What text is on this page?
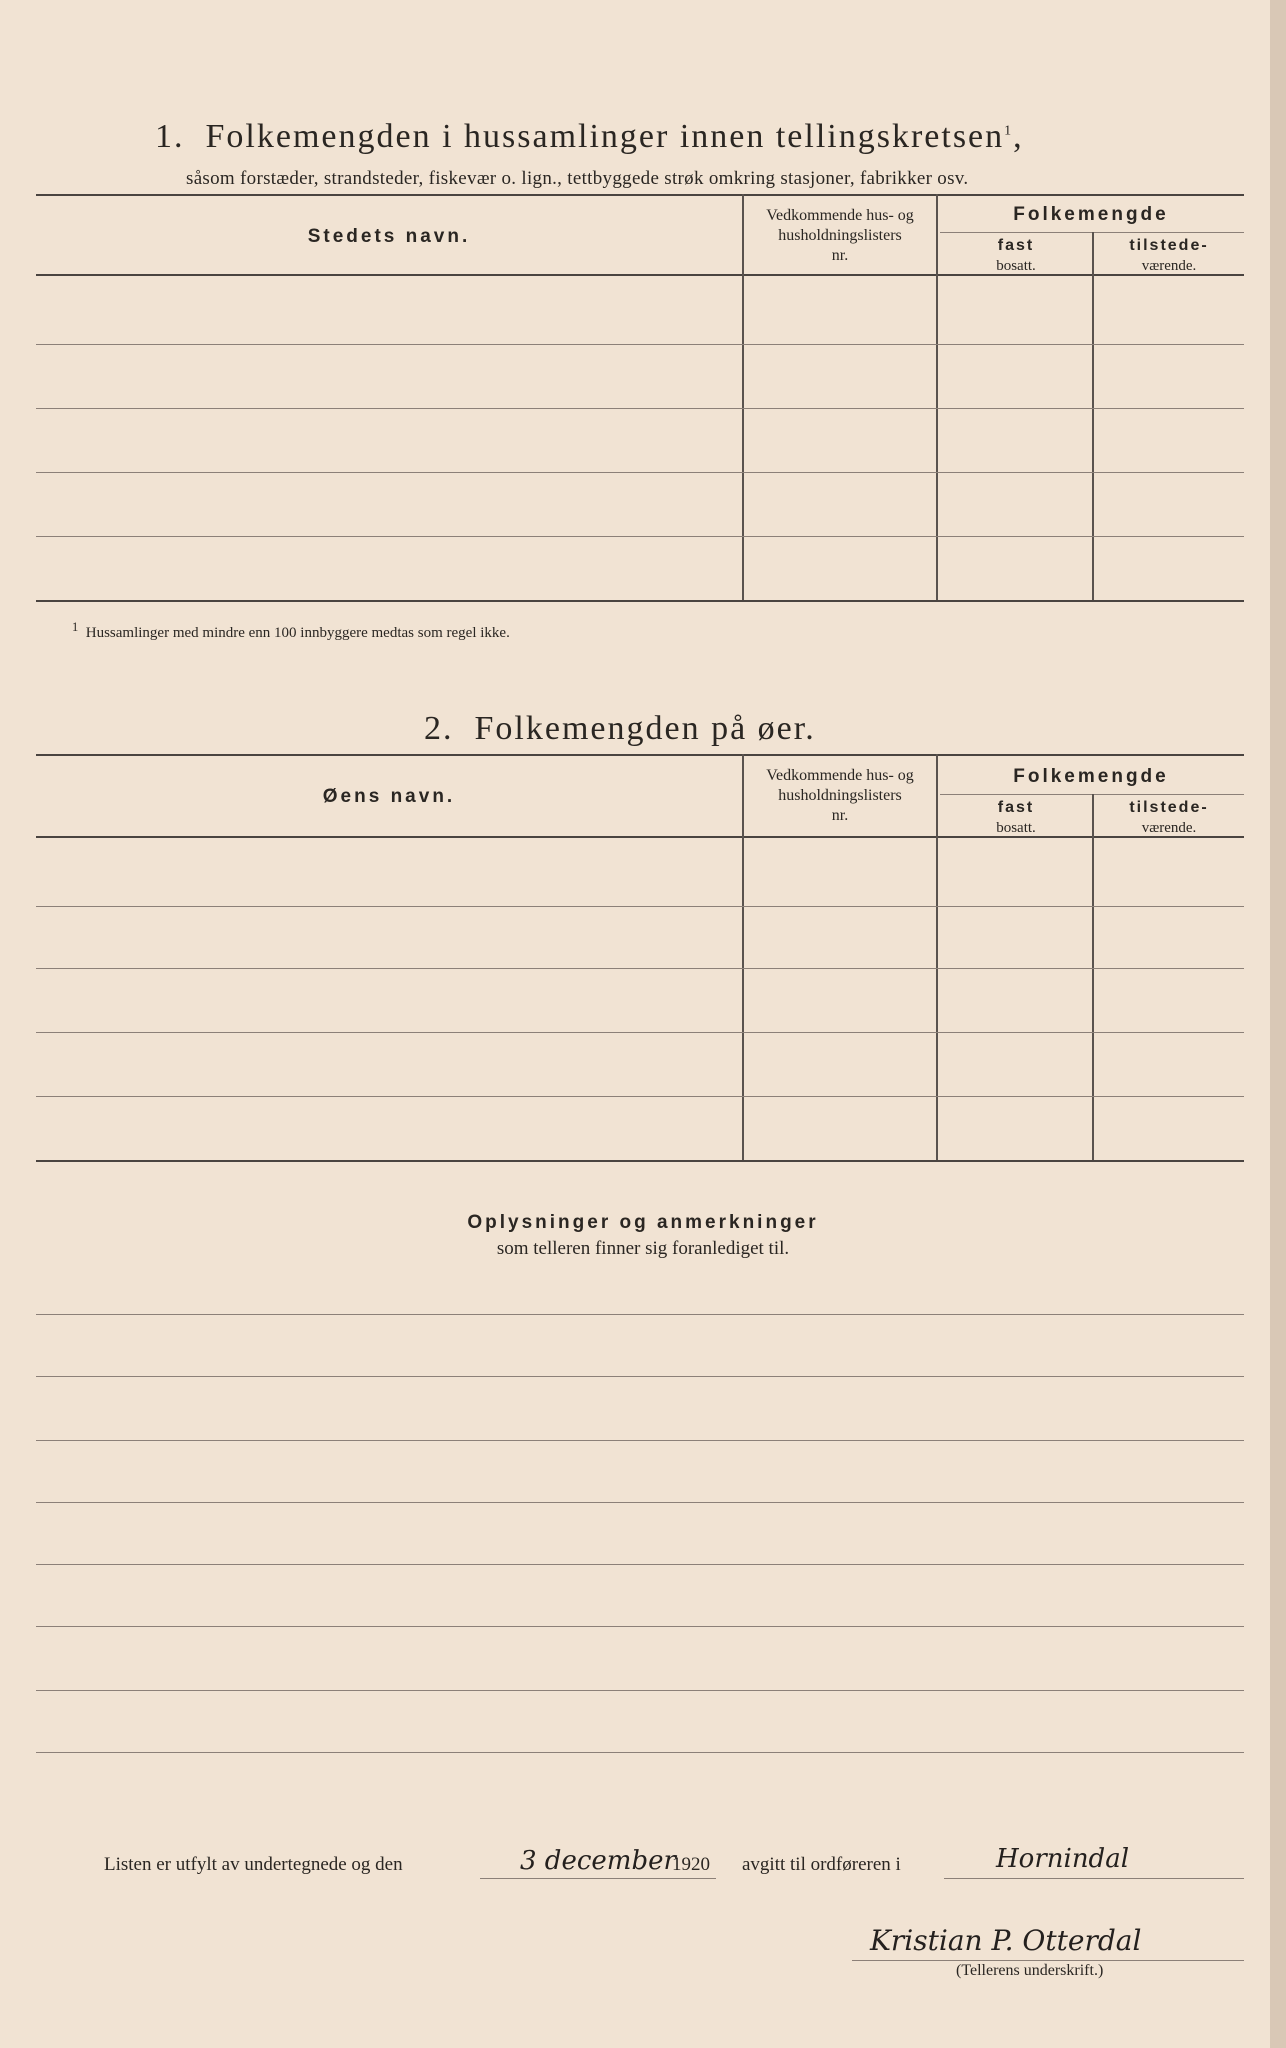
1. Folkemengden i hussamlinger innen tellingskretsen$^1$,
såsom forstæder, strandsteder, fiskevær o. lign., tettbyggede strøk omkring stasjoner, fabrikker osv.
Stedets navn.
Vedkommende hus- og
husholdningslisters
nr.
Folkemengde
fast
bosatt.
tilstede-
værende.
$^1$ Hussamlinger med mindre enn 100 innbyggere medtas som regel ikke.
2. Folkemengden på øer.
Øens navn.
Vedkommende hus- og
husholdningslisters
nr.
Folkemengde
fast
bosatt.
tilstede-
værende.
Oplysninger og anmerkninger
som telleren finner sig foranlediget til.
Listen er utfylt av undertegnede og den	3 december
1920 avgitt til ordføreren i	Hornindal
Kristian P. Otterdal
(Tellerens underskrift.)
